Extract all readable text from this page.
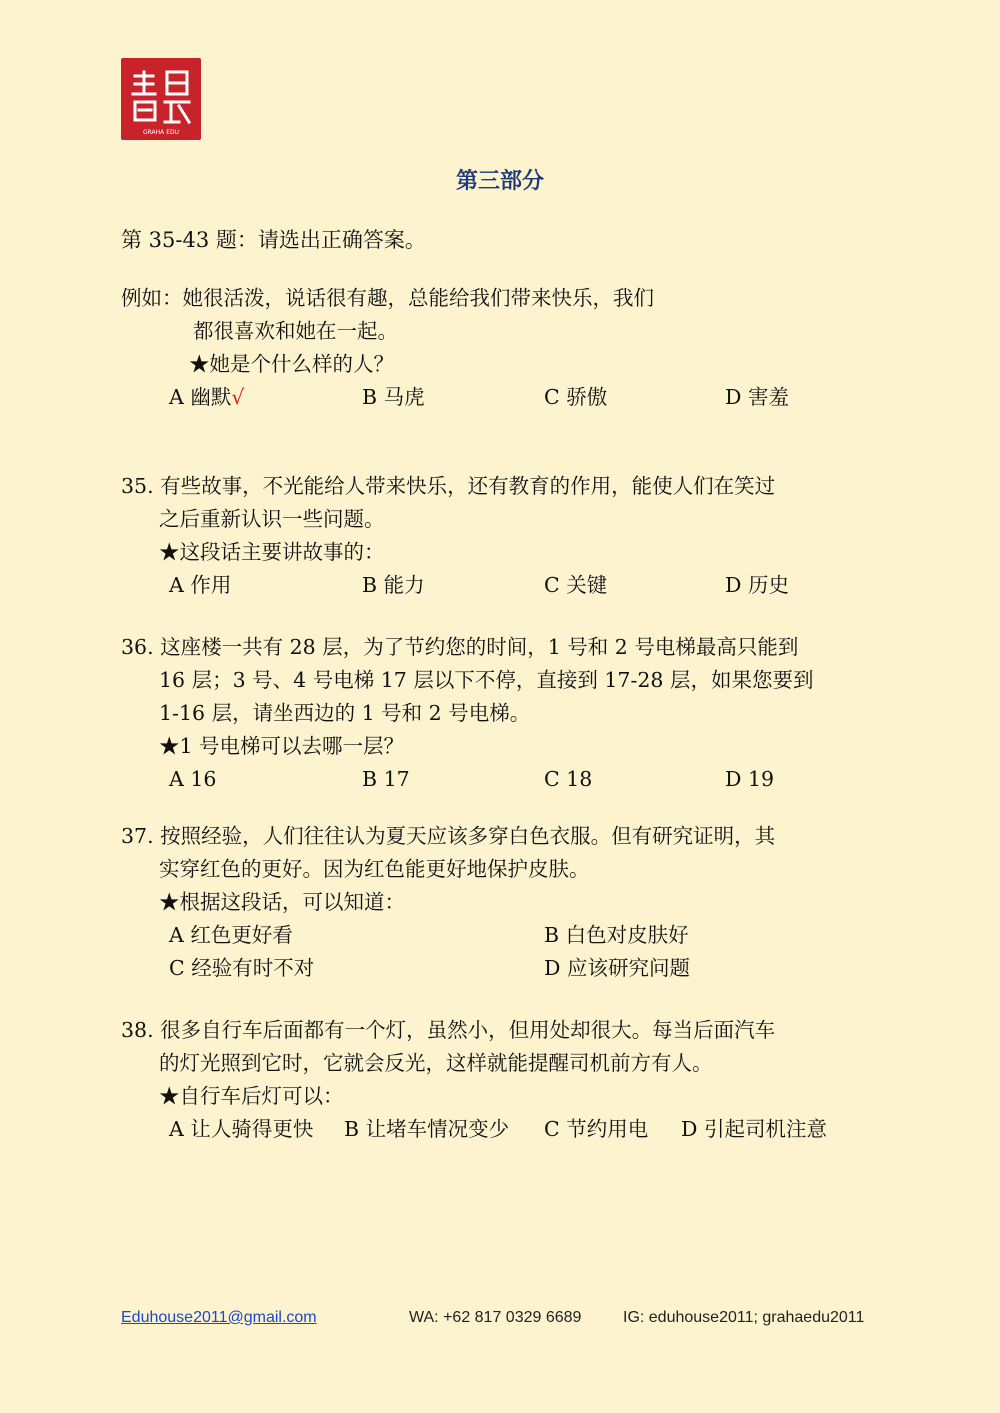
GRAHA EDU
第三部分
第 35-43 题：请选出正确答案。
例如：她很活泼，说话很有趣，总能给我们带来快乐，我们
都很喜欢和她在一起。
★她是个什么样的人？
A 幽默√	B 马虎	C 骄傲	D 害羞
35. 有些故事，不光能给人带来快乐，还有教育的作用，能使人们在笑过
之后重新认识一些问题。
★这段话主要讲故事的：
A 作用	B 能力	C 关键	D 历史
36. 这座楼一共有 28 层，为了节约您的时间，1 号和 2 号电梯最高只能到
16 层；3 号、4 号电梯 17 层以下不停，直接到 17-28 层，如果您要到
1-16 层，请坐西边的 1 号和 2 号电梯。
★1 号电梯可以去哪一层？
A 16	B 17	C 18	D 19
37. 按照经验，人们往往认为夏天应该多穿白色衣服。但有研究证明，其
实穿红色的更好。因为红色能更好地保护皮肤。
★根据这段话，可以知道：
A 红色更好看	B 白色对皮肤好
C 经验有时不对	D 应该研究问题
38. 很多自行车后面都有一个灯，虽然小，但用处却很大。每当后面汽车
的灯光照到它时，它就会反光，这样就能提醒司机前方有人。
★自行车后灯可以：
A 让人骑得更快 B 让堵车情况变少 C 节约用电 D 引起司机注意
Eduhouse2011@gmail.com	WA: +62 817 0329 6689	IG: eduhouse2011; grahaedu2011
